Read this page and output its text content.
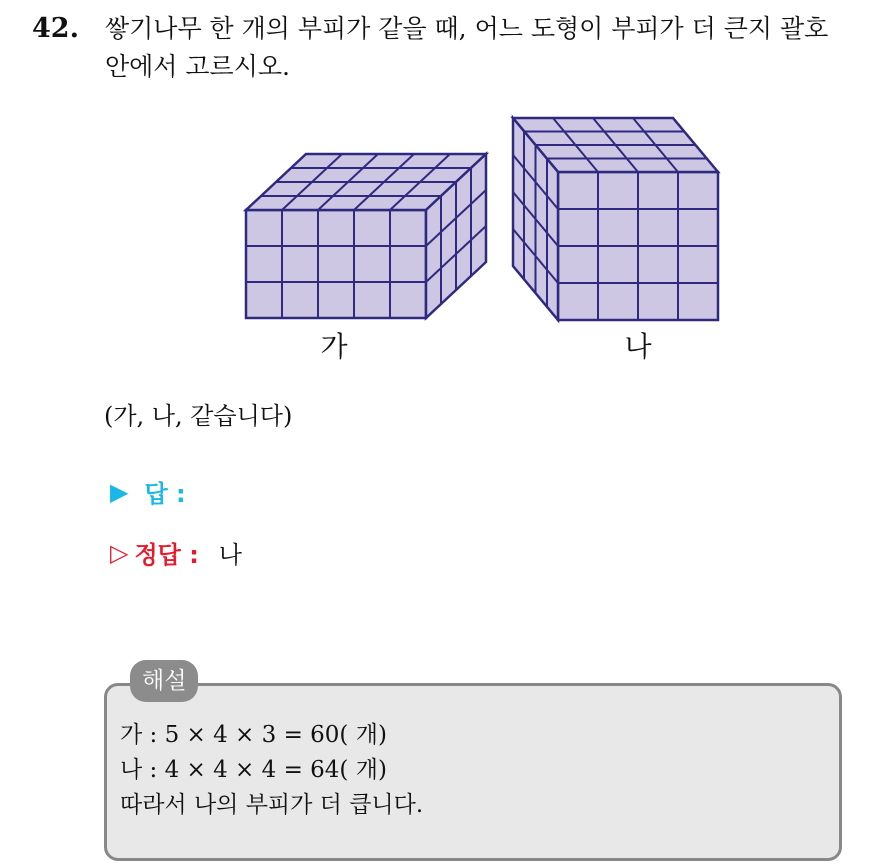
42. 쌓기나무 한 개의 부피가 같을 때, 어느 도형이 부피가 더 큰지 괄호
안에서 고르시오.
가	나
(가, 나, 같습니다)
▶ 답 :
▷ 정답 : 나
해설
가 : 5 × 4 × 3 = 60( 개)
나 : 4 × 4 × 4 = 64( 개)
따라서 나의 부피가 더 큽니다.
